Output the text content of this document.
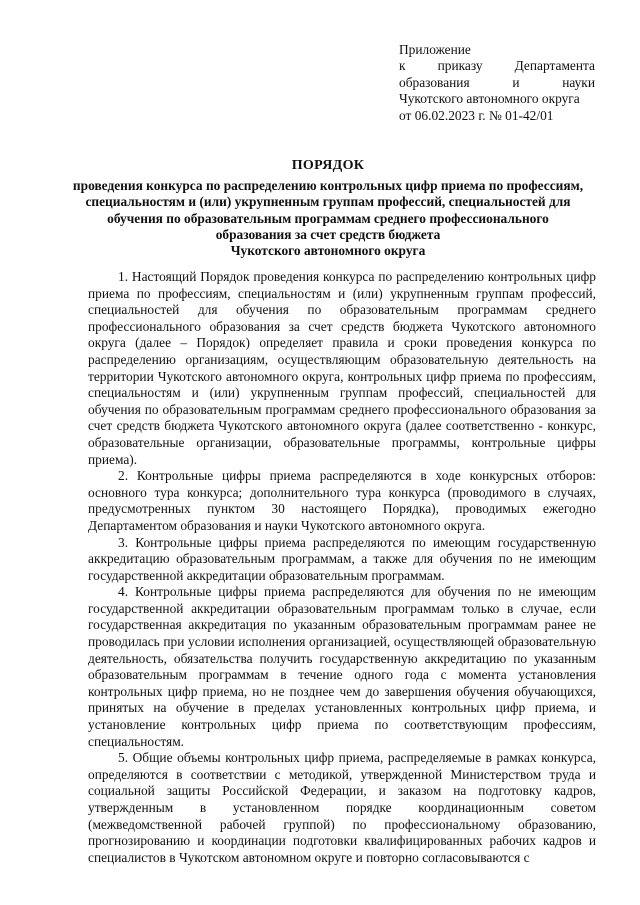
Приложение
к приказу Департамента
образования	и	науки
Чукотского автономного округа
от 06.02.2023 г. № 01-42/01
ПОРЯДОК
проведения конкурса по распределению контрольных цифр приема по профессиям,
специальностям и (или) укрупненным группам профессий, специальностей для
обучения по образовательным программам среднего профессионального
образования за счет средств бюджета
Чукотского автономного округа

1. Настоящий Порядок проведения конкурса по распределению контрольных цифр приема по профессиям, специальностям и (или) укрупненным группам профессий, специальностей для обучения по образовательным программам среднего профессионального образования за счет средств бюджета Чукотского автономного округа (далее – Порядок) определяет правила и сроки проведения конкурса по распределению организациям, осуществляющим образовательную деятельность на территории Чукотского автономного округа, контрольных цифр приема по профессиям, специальностям и (или) укрупненным группам профессий, специальностей для обучения по образовательным программам среднего профессионального образования за счет средств бюджета Чукотского автономного округа (далее соответственно - конкурс, образовательные организации, образовательные программы, контрольные цифры приема).

2. Контрольные цифры приема распределяются в ходе конкурсных отборов: основного тура конкурса; дополнительного тура конкурса (проводимого в случаях, предусмотренных пунктом 30 настоящего Порядка), проводимых ежегодно Департаментом образования и науки Чукотского автономного округа.

3. Контрольные цифры приема распределяются по имеющим государственную аккредитацию образовательным программам, а также для обучения по не имеющим государственной аккредитации образовательным программам.

4. Контрольные цифры приема распределяются для обучения по не имеющим государственной аккредитации образовательным программам только в случае, если государственная аккредитация по указанным образовательным программам ранее не проводилась при условии исполнения организацией, осуществляющей образовательную деятельность, обязательства получить государственную аккредитацию по указанным образовательным программам в течение одного года с момента установления контрольных цифр приема, но не позднее чем до завершения обучения обучающихся, принятых на обучение в пределах установленных контрольных цифр приема, и установление контрольных цифр приема по соответствующим профессиям, специальностям.

5. Общие объемы контрольных цифр приема, распределяемые в рамках конкурса, определяются в соответствии с методикой, утвержденной Министерством труда и социальной защиты Российской Федерации, и заказом на подготовку кадров, утвержденным в установленном порядке координационным советом (межведомственной рабочей группой) по профессиональному образованию, прогнозированию и координации подготовки квалифицированных рабочих кадров и специалистов в Чукотском автономном округе и повторно согласовываются с
